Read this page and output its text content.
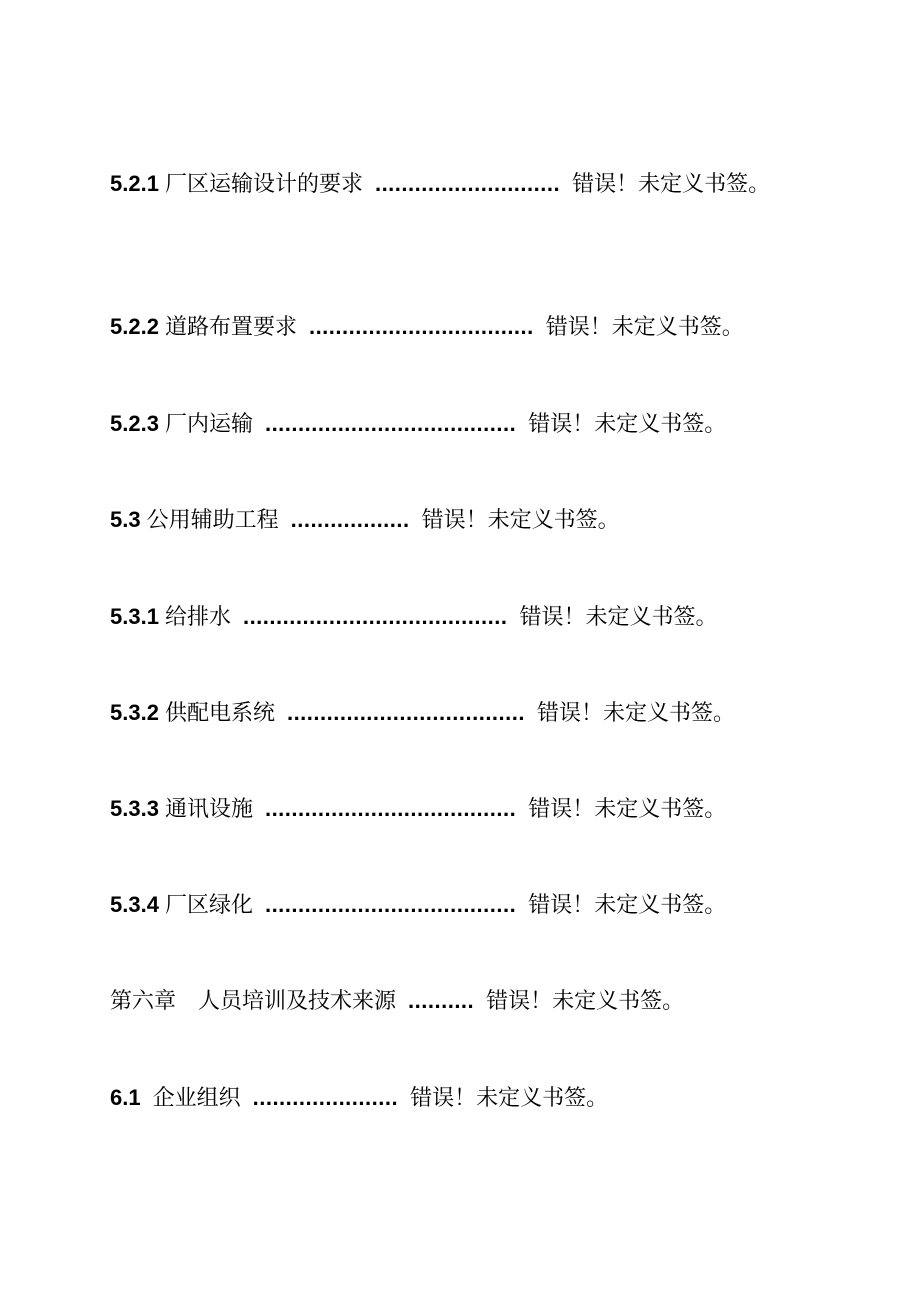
5.2.1 厂区运输设计的要求 ............................ 错误！未定义书签。
5.2.2 道路布置要求 .................................. 错误！未定义书签。
5.2.3 厂内运输 ...................................... 错误！未定义书签。
5.3 公用辅助工程 .................. 错误！未定义书签。
5.3.1 给排水 ........................................ 错误！未定义书签。
5.3.2 供配电系统 .................................... 错误！未定义书签。
5.3.3 通讯设施 ...................................... 错误！未定义书签。
5.3.4 厂区绿化 ...................................... 错误！未定义书签。
第六章 人员培训及技术来源 .......... 错误！未定义书签。
6.1 企业组织 ...................... 错误！未定义书签。
